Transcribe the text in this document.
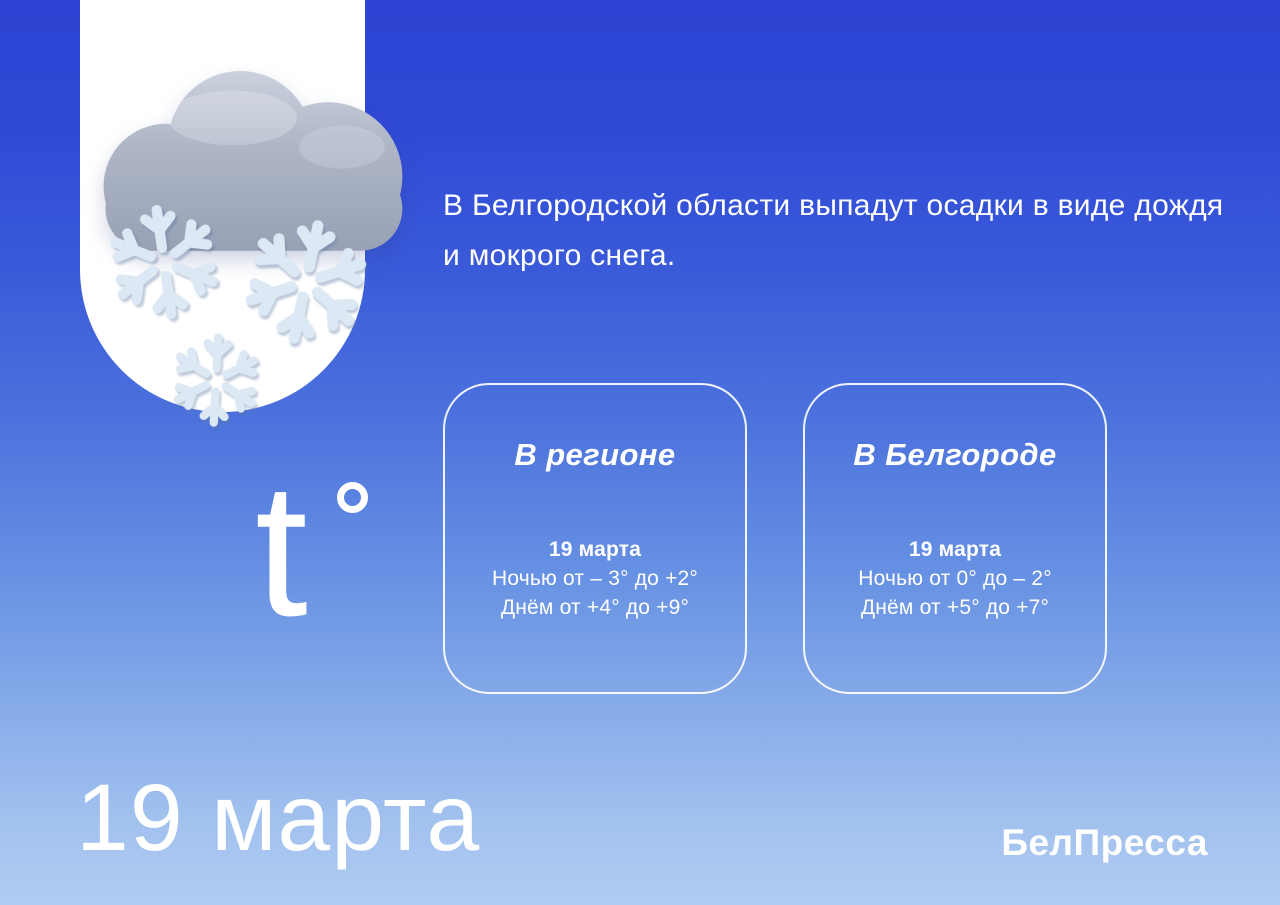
t
В Белгородской области выпадут осадки в виде дождя и мокрого снега.
В регионе
19 марта
Ночью от – 3° до +2°
Днём от +4° до +9°
В Белгороде
19 марта
Ночью от 0° до – 2°
Днём от +5° до +7°
19 марта	БелПресса
